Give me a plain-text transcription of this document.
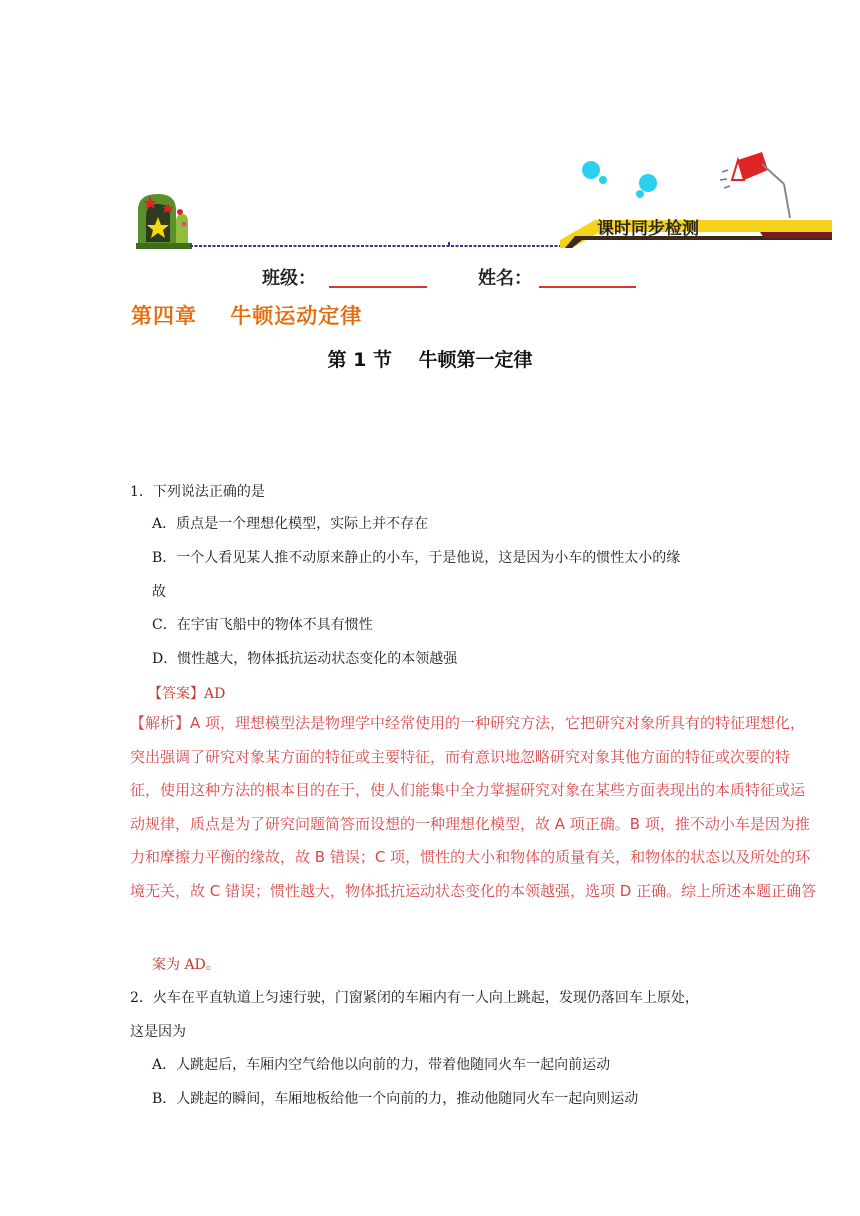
课时同步检测
班级：	姓名：
第四章    牛顿运动定律
第 1 节    牛顿第一定律
1．下列说法正确的是
A．质点是一个理想化模型，实际上并不存在
B．一个人看见某人推不动原来静止的小车，于是他说，这是因为小车的惯性太小的缘
故
C．在宇宙飞船中的物体不具有惯性
D．惯性越大，物体抵抗运动状态变化的本领越强
【答案】AD
【解析】A 项，理想模型法是物理学中经常使用的一种研究方法，它把研究对象所具有的特征理想化，
突出强调了研究对象某方面的特征或主要特征，而有意识地忽略研究对象其他方面的特征或次要的特
征，使用这种方法的根本目的在于，使人们能集中全力掌握研究对象在某些方面表现出的本质特征或运
动规律，质点是为了研究问题简答而设想的一种理想化模型，故 A 项正确。B 项，推不动小车是因为推
力和摩擦力平衡的缘故，故 B 错误；C 项，惯性的大小和物体的质量有关，和物体的状态以及所处的环
境无关，故 C 错误；惯性越大，物体抵抗运动状态变化的本领越强，选项 D 正确。综上所述本题正确答
案为 AD。
2．火车在平直轨道上匀速行驶，门窗紧闭的车厢内有一人向上跳起，发现仍落回车上原处，
这是因为
A．人跳起后，车厢内空气给他以向前的力，带着他随同火车一起向前运动
B．人跳起的瞬间，车厢地板给他一个向前的力，推动他随同火车一起向则运动
